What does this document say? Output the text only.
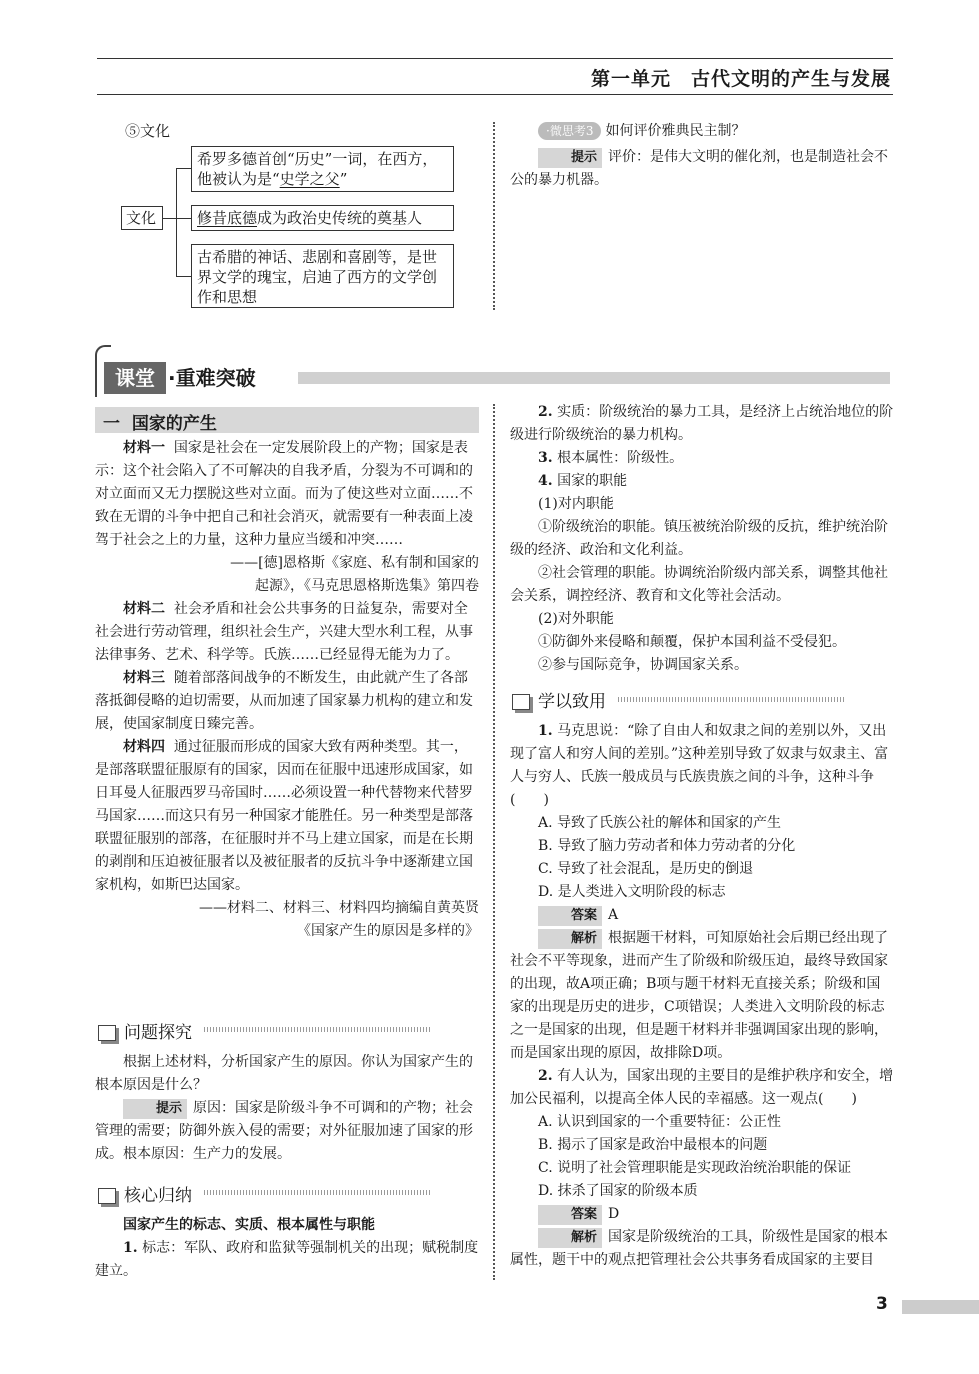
第一单元　古代文明的产生与发展
⑤文化
文化
希罗多德首创“历史”一词，在西方，他被认为是“史学之父”
修昔底德成为政治史传统的奠基人
古希腊的神话、悲剧和喜剧等，是世界文学的瑰宝，启迪了西方的文学创作和思想
·微思考3 如何评价雅典民主制？
提示 评价：是伟大文明的催化剂，也是制造社会不公的暴力机器。
课堂 ·重难突破
一 国家的产生

材料一 国家是社会在一定发展阶段上的产物；国家是表示：这个社会陷入了不可解决的自我矛盾，分裂为不可调和的对立面而又无力摆脱这些对立面。而为了使这些对立面……不致在无谓的斗争中把自己和社会消灭，就需要有一种表面上凌驾于社会之上的力量，这种力量应当缓和冲突……

——[德]恩格斯《家庭、私有制和国家的

起源》，《马克思恩格斯选集》第四卷

材料二 社会矛盾和社会公共事务的日益复杂，需要对全社会进行劳动管理，组织社会生产，兴建大型水利工程，从事法律事务、艺术、科学等。氏族……已经显得无能为力了。

材料三 随着部落间战争的不断发生，由此就产生了各部落抵御侵略的迫切需要，从而加速了国家暴力机构的建立和发展，使国家制度日臻完善。

材料四 通过征服而形成的国家大致有两种类型。其一，是部落联盟征服原有的国家，因而在征服中迅速形成国家，如日耳曼人征服西罗马帝国时……必须设置一种代替物来代替罗马国家……而这只有另一种国家才能胜任。另一种类型是部落联盟征服别的部落，在征服时并不马上建立国家，而是在长期的剥削和压迫被征服者以及被征服者的反抗斗争中逐渐建立国家机构，如斯巴达国家。

——材料二、材料三、材料四均摘编自黄英贤

《国家产生的原因是多样的》

问题探究

根据上述材料，分析国家产生的原因。你认为国家产生的根本原因是什么？

提示 原因：国家是阶级斗争不可调和的产物；社会管理的需要；防御外族入侵的需要；对外征服加速了国家的形成。根本原因：生产力的发展。

核心归纳

国家产生的标志、实质、根本属性与职能

1. 标志：军队、政府和监狱等强制机关的出现；赋税制度建立。

2. 实质：阶级统治的暴力工具，是经济上占统治地位的阶级进行阶级统治的暴力机构。

3. 根本属性：阶级性。

4. 国家的职能

(1)对内职能

①阶级统治的职能。镇压被统治阶级的反抗，维护统治阶级的经济、政治和文化利益。

②社会管理的职能。协调统治阶级内部关系，调整其他社会关系，调控经济、教育和文化等社会活动。

(2)对外职能

①防御外来侵略和颠覆，保护本国利益不受侵犯。

②参与国际竞争，协调国家关系。

学以致用

1. 马克思说：“除了自由人和奴隶之间的差别以外，又出现了富人和穷人间的差别。”这种差别导致了奴隶与奴隶主、富人与穷人、氏族一般成员与氏族贵族之间的斗争，这种斗争(　　)

A. 导致了氏族公社的解体和国家的产生

B. 导致了脑力劳动者和体力劳动者的分化

C. 导致了社会混乱，是历史的倒退

D. 是人类进入文明阶段的标志

答案 A

解析 根据题干材料，可知原始社会后期已经出现了社会不平等现象，进而产生了阶级和阶级压迫，最终导致国家的出现，故A项正确；B项与题干材料无直接关系；阶级和国家的出现是历史的进步，C项错误；人类进入文明阶段的标志之一是国家的出现，但是题干材料并非强调国家出现的影响，而是国家出现的原因，故排除D项。

2. 有人认为，国家出现的主要目的是维护秩序和安全，增加公民福利，以提高全体人民的幸福感。这一观点(　　)

A. 认识到国家的一个重要特征：公正性

B. 揭示了国家是政治中最根本的问题

C. 说明了社会管理职能是实现政治统治职能的保证

D. 抹杀了国家的阶级本质

答案 D

解析 国家是阶级统治的工具，阶级性是国家的根本属性，题干中的观点把管理社会公共事务看成国家的主要目

3
